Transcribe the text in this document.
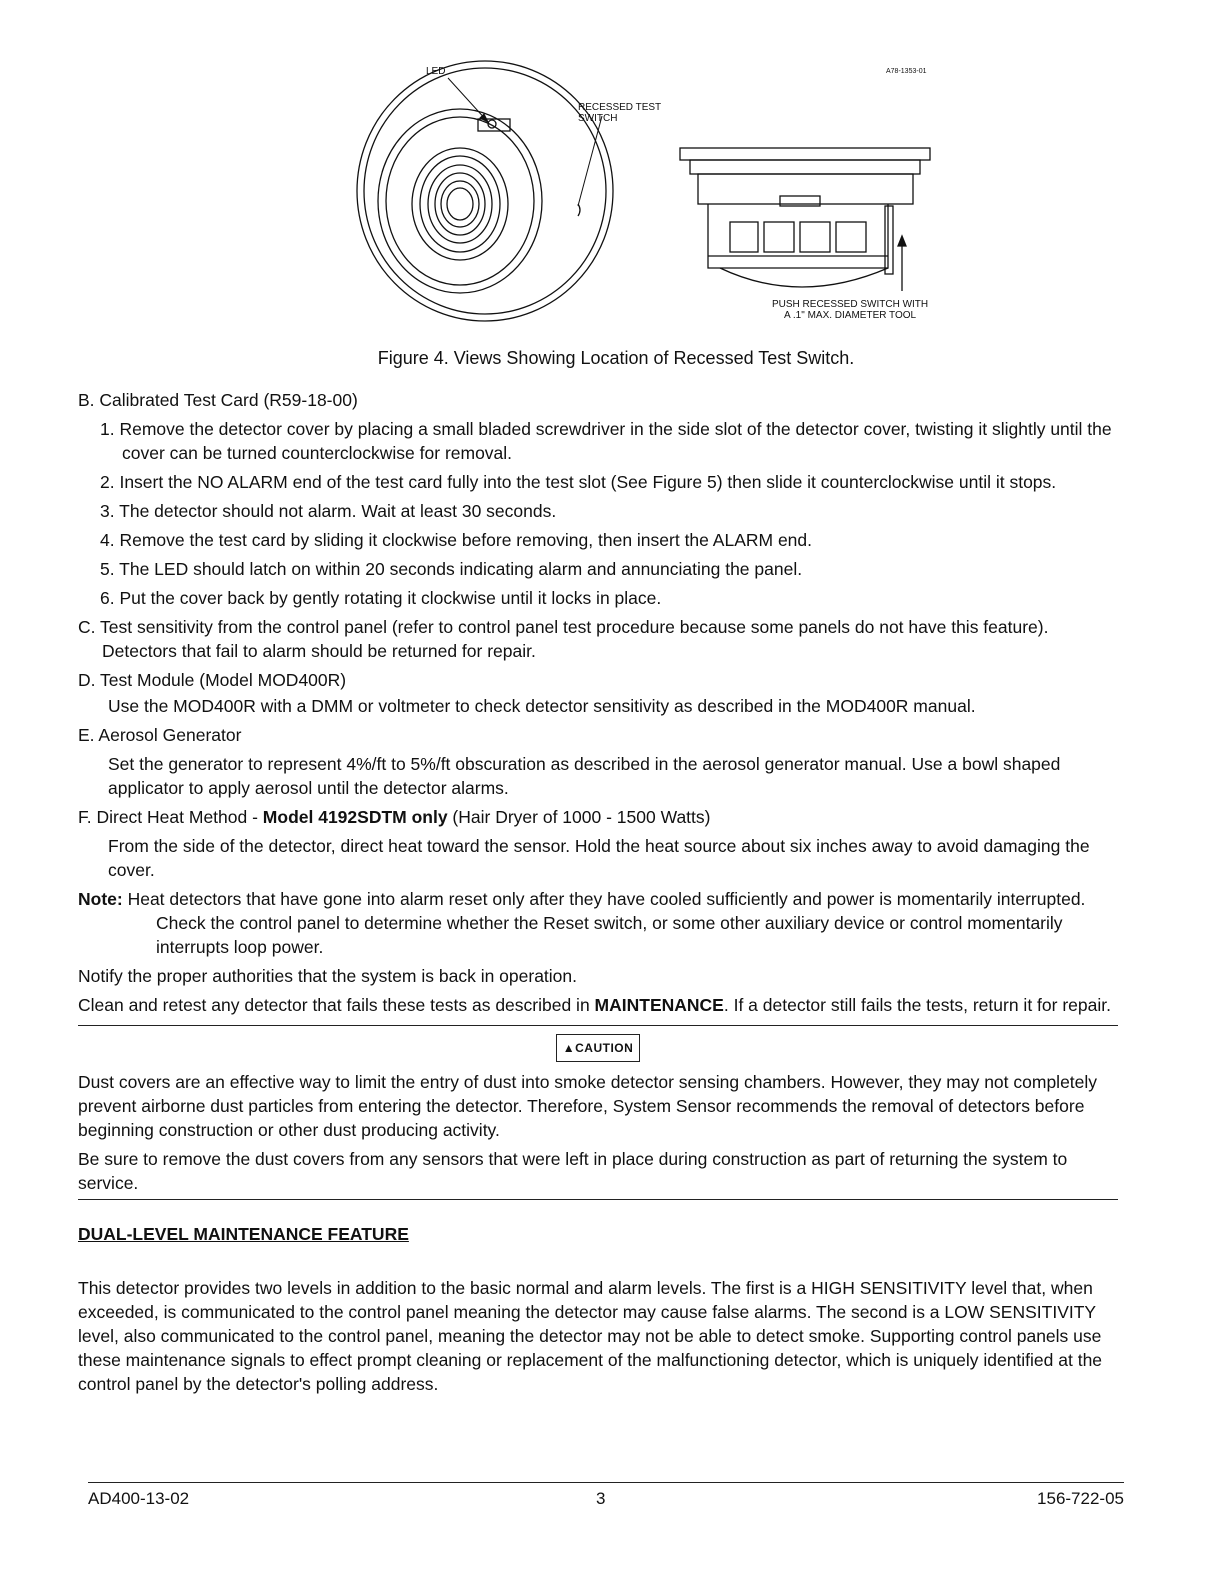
LED
RECESSED TEST
SWITCH
A78-1353-01
PUSH RECESSED SWITCH WITH
A .1" MAX. DIAMETER TOOL
Figure 4. Views Showing Location of Recessed Test Switch.

B. Calibrated Test Card (R59-18-00)

1. Remove the detector cover by placing a small bladed screwdriver in the side slot of the detector cover, twisting it slightly until the cover can be turned counterclockwise for removal.

2. Insert the NO ALARM end of the test card fully into the test slot (See Figure 5) then slide it counterclockwise until it stops.

3. The detector should not alarm. Wait at least 30 seconds.

4. Remove the test card by sliding it clockwise before removing, then insert the ALARM end.

5. The LED should latch on within 20 seconds indicating alarm and annunciating the panel.

6. Put the cover back by gently rotating it clockwise until it locks in place.

C. Test sensitivity from the control panel (refer to control panel test procedure because some panels do not have this feature). Detectors that fail to alarm should be returned for repair.

D. Test Module (Model MOD400R)

Use the MOD400R with a DMM or voltmeter to check detector sensitivity as described in the MOD400R manual.

E. Aerosol Generator

Set the generator to represent 4%/ft to 5%/ft obscuration as described in the aerosol generator manual. Use a bowl shaped applicator to apply aerosol until the detector alarms.

F. Direct Heat Method - Model 4192SDTM only (Hair Dryer of 1000 - 1500 Watts)

From the side of the detector, direct heat toward the sensor. Hold the heat source about six inches away to avoid damaging the cover.

Note: Heat detectors that have gone into alarm reset only after they have cooled sufficiently and power is momentarily interrupted. Check the control panel to determine whether the Reset switch, or some other auxiliary device or control momentarily interrupts loop power.

Notify the proper authorities that the system is back in operation.

Clean and retest any detector that fails these tests as described in MAINTENANCE. If a detector still fails the tests, return it for repair.

▲CAUTION

Dust covers are an effective way to limit the entry of dust into smoke detector sensing chambers. However, they may not completely prevent airborne dust particles from entering the detector. Therefore, System Sensor recommends the removal of detectors before beginning construction or other dust producing activity.

Be sure to remove the dust covers from any sensors that were left in place during construction as part of returning the system to service.

DUAL-LEVEL MAINTENANCE FEATURE

This detector provides two levels in addition to the basic normal and alarm levels. The first is a HIGH SENSITIVITY level that, when exceeded, is communicated to the control panel meaning the detector may cause false alarms. The second is a LOW SENSITIVITY level, also communicated to the control panel, meaning the detector may not be able to detect smoke. Supporting control panels use these maintenance signals to effect prompt cleaning or replacement of the malfunctioning detector, which is uniquely identified at the control panel by the detector's polling address.

AD400-13-02	3	156-722-05
